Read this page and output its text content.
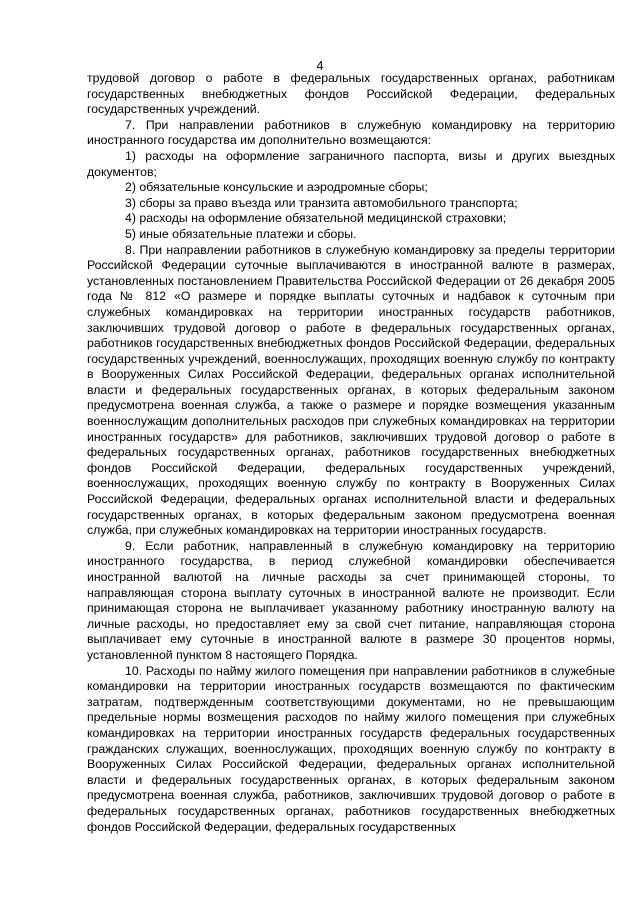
4

трудовой договор о работе в федеральных государственных органах, работникам государственных внебюджетных фондов Российской Федерации, федеральных государственных учреждений.

7. При направлении работников в служебную командировку на территорию иностранного государства им дополнительно возмещаются:

1) расходы на оформление заграничного паспорта, визы и других выездных документов;

2) обязательные консульские и аэродромные сборы;

3) сборы за право въезда или транзита автомобильного транспорта;

4) расходы на оформление обязательной медицинской страховки;

5) иные обязательные платежи и сборы.

8. При направлении работников в служебную командировку за пределы территории Российской Федерации суточные выплачиваются в иностранной валюте в размерах, установленных постановлением Правительства Российской Федерации от 26 декабря 2005 года № 812 «О размере и порядке выплаты суточных и надбавок к суточным при служебных командировках на территории иностранных государств работников, заключивших трудовой договор о работе в федеральных государственных органах, работников государственных внебюджетных фондов Российской Федерации, федеральных государственных учреждений, военнослужащих, проходящих военную службу по контракту в Вооруженных Силах Российской Федерации, федеральных органах исполнительной власти и федеральных государственных органах, в которых федеральным законом предусмотрена военная служба, а также о размере и порядке возмещения указанным военнослужащим дополнительных расходов при служебных командировках на территории иностранных государств» для работников, заключивших трудовой договор о работе в федеральных государственных органах, работников государственных внебюджетных фондов Российской Федерации, федеральных государственных учреждений, военнослужащих, проходящих военную службу по контракту в Вооруженных Силах Российской Федерации, федеральных органах исполнительной власти и федеральных государственных органах, в которых федеральным законом предусмотрена военная служба, при служебных командировках на территории иностранных государств.

9. Если работник, направленный в служебную командировку на территорию иностранного государства, в период служебной командировки обеспечивается иностранной валютой на личные расходы за счет принимающей стороны, то направляющая сторона выплату суточных в иностранной валюте не производит. Если принимающая сторона не выплачивает указанному работнику иностранную валюту на личные расходы, но предоставляет ему за свой счет питание, направляющая сторона выплачивает ему суточные в иностранной валюте в размере 30 процентов нормы, установленной пунктом 8 настоящего Порядка.

10. Расходы по найму жилого помещения при направлении работников в служебные командировки на территории иностранных государств возмещаются по фактическим затратам, подтвержденным соответствующими документами, но не превышающим предельные нормы возмещения расходов по найму жилого помещения при служебных командировках на территории иностранных государств федеральных государственных гражданских служащих, военнослужащих, проходящих военную службу по контракту в Вооруженных Силах Российской Федерации, федеральных органах исполнительной власти и федеральных государственных органах, в которых федеральным законом предусмотрена военная служба, работников, заключивших трудовой договор о работе в федеральных государственных органах, работников государственных внебюджетных фондов Российской Федерации, федеральных государственных
